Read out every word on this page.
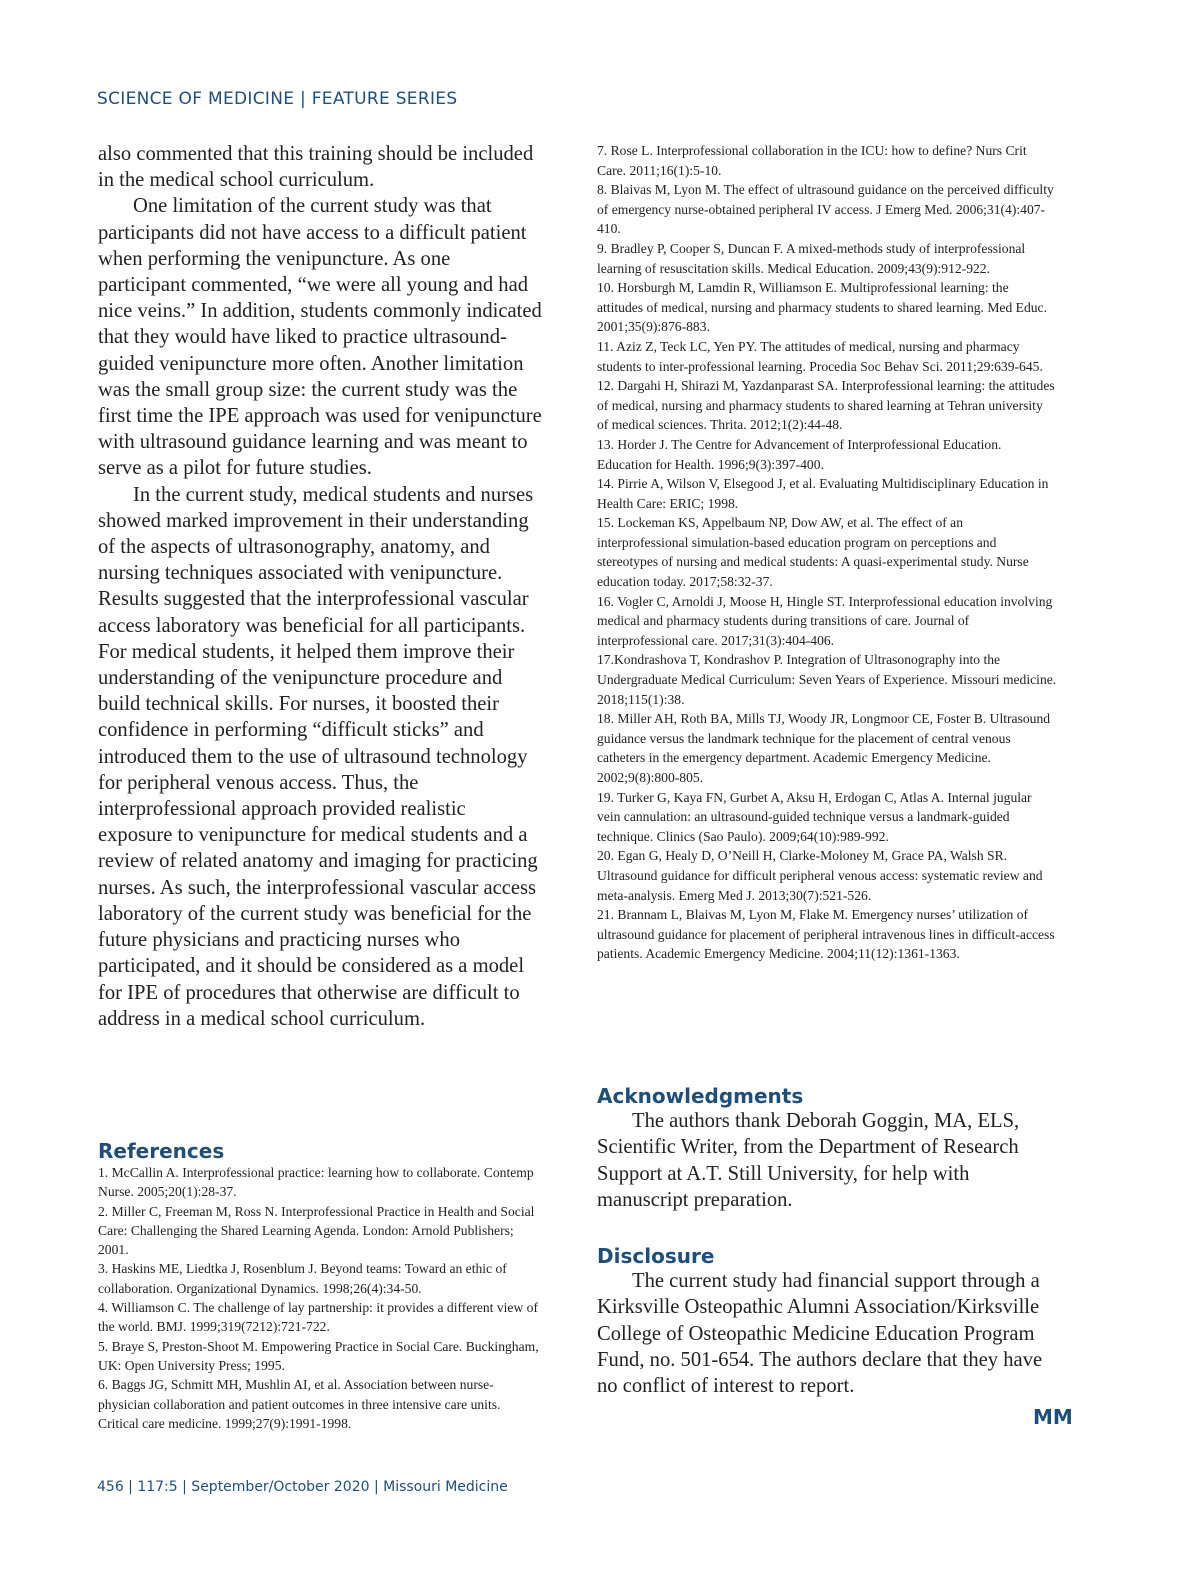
SCIENCE OF MEDICINE | FEATURE SERIES

also commented that this training should be included in the medical school curriculum.

One limitation of the current study was that participants did not have access to a difficult patient when performing the venipuncture. As one participant commented, “we were all young and had nice veins.” In addition, students commonly indicated that they would have liked to practice ultrasound-guided venipuncture more often. Another limitation was the small group size: the current study was the first time the IPE approach was used for venipuncture with ultrasound guidance learning and was meant to serve as a pilot for future studies.

In the current study, medical students and nurses showed marked improvement in their understanding of the aspects of ultrasonography, anatomy, and nursing techniques associated with venipuncture. Results suggested that the interprofessional vascular access laboratory was beneficial for all participants. For medical students, it helped them improve their understanding of the venipuncture procedure and build technical skills. For nurses, it boosted their confidence in performing “difficult sticks” and introduced them to the use of ultrasound technology for peripheral venous access. Thus, the interprofessional approach provided realistic exposure to venipuncture for medical students and a review of related anatomy and imaging for practicing nurses. As such, the interprofessional vascular access laboratory of the current study was beneficial for the future physicians and practicing nurses who participated, and it should be considered as a model for IPE of procedures that otherwise are difficult to address in a medical school curriculum.

References

1. McCallin A. Interprofessional practice: learning how to collaborate. Contemp Nurse. 2005;20(1):28-37.

2. Miller C, Freeman M, Ross N. Interprofessional Practice in Health and Social Care: Challenging the Shared Learning Agenda. London: Arnold Publishers; 2001.

3. Haskins ME, Liedtka J, Rosenblum J. Beyond teams: Toward an ethic of collaboration. Organizational Dynamics. 1998;26(4):34-50.

4. Williamson C. The challenge of lay partnership: it provides a different view of the world. BMJ. 1999;319(7212):721-722.

5. Braye S, Preston-Shoot M. Empowering Practice in Social Care. Buckingham, UK: Open University Press; 1995.

6. Baggs JG, Schmitt MH, Mushlin AI, et al. Association between nurse-physician collaboration and patient outcomes in three intensive care units. Critical care medicine. 1999;27(9):1991-1998.

7. Rose L. Interprofessional collaboration in the ICU: how to define? Nurs Crit Care. 2011;16(1):5-10.

8. Blaivas M, Lyon M. The effect of ultrasound guidance on the perceived difficulty of emergency nurse-obtained peripheral IV access. J Emerg Med. 2006;31(4):407-410.

9. Bradley P, Cooper S, Duncan F. A mixed-methods study of interprofessional learning of resuscitation skills. Medical Education. 2009;43(9):912-922.

10. Horsburgh M, Lamdin R, Williamson E. Multiprofessional learning: the attitudes of medical, nursing and pharmacy students to shared learning. Med Educ. 2001;35(9):876-883.

11. Aziz Z, Teck LC, Yen PY. The attitudes of medical, nursing and pharmacy students to inter-professional learning. Procedia Soc Behav Sci. 2011;29:639-645.

12. Dargahi H, Shirazi M, Yazdanparast SA. Interprofessional learning: the attitudes of medical, nursing and pharmacy students to shared learning at Tehran university of medical sciences. Thrita. 2012;1(2):44-48.

13. Horder J. The Centre for Advancement of Interprofessional Education. Education for Health. 1996;9(3):397-400.

14. Pirrie A, Wilson V, Elsegood J, et al. Evaluating Multidisciplinary Education in Health Care: ERIC; 1998.

15. Lockeman KS, Appelbaum NP, Dow AW, et al. The effect of an interprofessional simulation-based education program on perceptions and stereotypes of nursing and medical students: A quasi-experimental study. Nurse education today. 2017;58:32-37.

16. Vogler C, Arnoldi J, Moose H, Hingle ST. Interprofessional education involving medical and pharmacy students during transitions of care. Journal of interprofessional care. 2017;31(3):404-406.

17.Kondrashova T, Kondrashov P. Integration of Ultrasonography into the Undergraduate Medical Curriculum: Seven Years of Experience. Missouri medicine. 2018;115(1):38.

18. Miller AH, Roth BA, Mills TJ, Woody JR, Longmoor CE, Foster B. Ultrasound guidance versus the landmark technique for the placement of central venous catheters in the emergency department. Academic Emergency Medicine. 2002;9(8):800-805.

19. Turker G, Kaya FN, Gurbet A, Aksu H, Erdogan C, Atlas A. Internal jugular vein cannulation: an ultrasound-guided technique versus a landmark-guided technique. Clinics (Sao Paulo). 2009;64(10):989-992.

20. Egan G, Healy D, O’Neill H, Clarke-Moloney M, Grace PA, Walsh SR. Ultrasound guidance for difficult peripheral venous access: systematic review and meta-analysis. Emerg Med J. 2013;30(7):521-526.

21. Brannam L, Blaivas M, Lyon M, Flake M. Emergency nurses’ utilization of ultrasound guidance for placement of peripheral intravenous lines in difficult-access patients. Academic Emergency Medicine. 2004;11(12):1361-1363.

Acknowledgments

The authors thank Deborah Goggin, MA, ELS, Scientific Writer, from the Department of Research Support at A.T. Still University, for help with manuscript preparation.

Disclosure

The current study had financial support through a Kirksville Osteopathic Alumni Association/Kirksville College of Osteopathic Medicine Education Program Fund, no. 501-654. The authors declare that they have no conflict of interest to report.

MM
456 | 117:5 | September/October 2020 | Missouri Medicine
